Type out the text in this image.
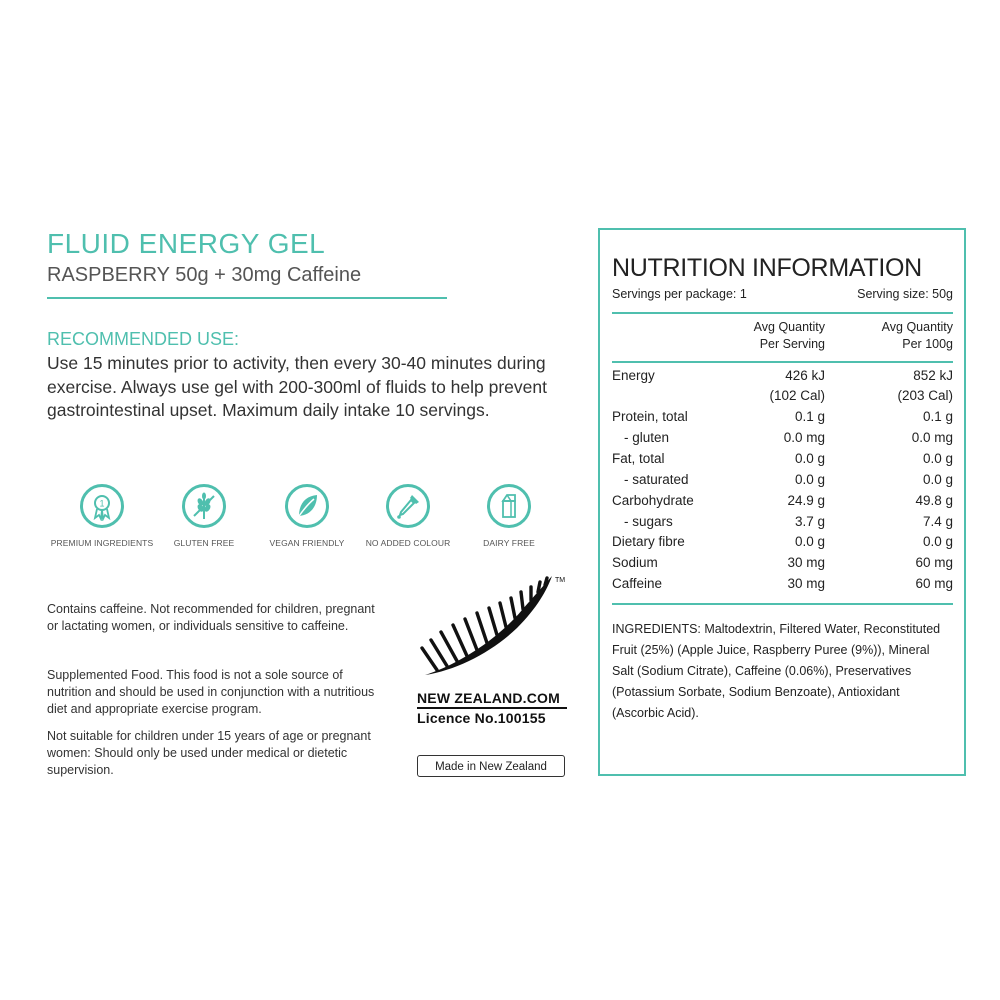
FLUID ENERGY GEL
RASPBERRY 50g + 30mg Caffeine
RECOMMENDED USE:
Use 15 minutes prior to activity, then every 30-40 minutes during exercise. Always use gel with 200-300ml of fluids to help prevent gastrointestinal upset. Maximum daily intake 10 servings.
1
PREMIUM INGREDIENTS	GLUTEN FREE	VEGAN FRIENDLY	NO ADDED COLOUR	DAIRY FREE
Contains caffeine. Not recommended for children, pregnant or lactating women, or individuals sensitive to caffeine.
Supplemented Food. This food is not a sole source of nutrition and should be used in conjunction with a nutritious diet and appropriate exercise program.
Not suitable for children under 15 years of age or pregnant women: Should only be used under medical or dietetic supervision.
TM
NEW ZEALAND.COM
Licence No.100155
Made in New Zealand
NUTRITION INFORMATION
Servings per package: 1	Serving size: 50g
Avg Quantity
Per Serving
Avg Quantity
Per 100g
Energy	426 kJ	852 kJ
(102 Cal)	(203 Cal)
Protein, total	0.1 g	0.1 g
- gluten	0.0 mg	0.0 mg
Fat, total	0.0 g	0.0 g
- saturated	0.0 g	0.0 g
Carbohydrate	24.9 g	49.8 g
- sugars	3.7 g	7.4 g
Dietary fibre	0.0 g	0.0 g
Sodium	30 mg	60 mg
Caffeine	30 mg	60 mg
INGREDIENTS: Maltodextrin, Filtered Water, Reconstituted Fruit (25%) (Apple Juice, Raspberry Puree (9%)), Mineral Salt (Sodium Citrate), Caffeine (0.06%), Preservatives (Potassium Sorbate, Sodium Benzoate), Antioxidant (Ascorbic Acid).
